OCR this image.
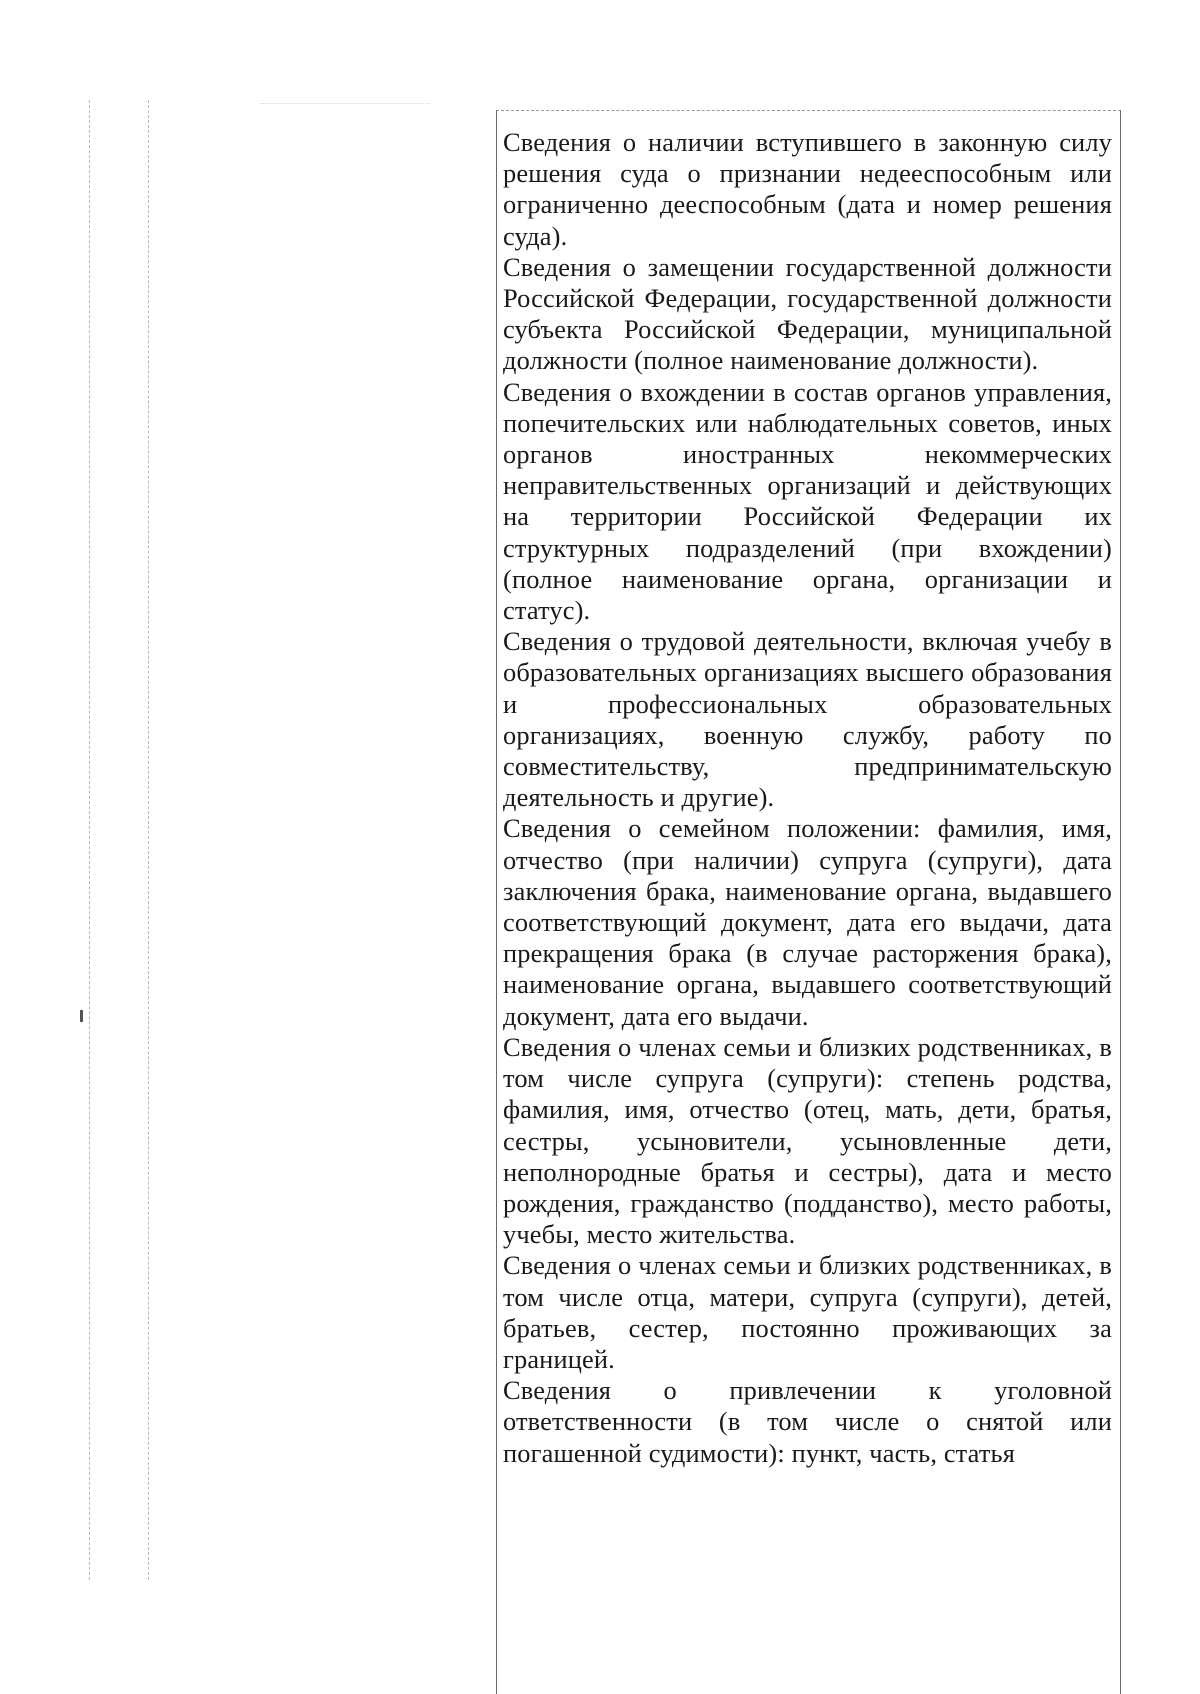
Сведения о наличии вступившего в законную силу решения суда о признании недееспособным или ограниченно дееспособным (дата и номер решения суда).

Сведения о замещении государственной должности Российской Федерации, государственной должности субъекта Российской Федерации, муниципальной должности (полное наименование должности).

Сведения о вхождении в состав органов управления, попечительских или наблюдательных советов, иных органов иностранных некоммерческих неправительственных организаций и действующих на территории Российской Федерации их структурных подразделений (при вхождении) (полное наименование органа, организации и статус).

Сведения о трудовой деятельности, включая учебу в образовательных организациях высшего образования и профессиональных образовательных организациях, военную службу, работу по совместительству, предпринимательскую деятельность и другие).

Сведения о семейном положении: фамилия, имя, отчество (при наличии) супруга (супруги), дата заключения брака, наименование органа, выдавшего соответствующий документ, дата его выдачи, дата прекращения брака (в случае расторжения брака), наименование органа, выдавшего соответствующий документ, дата его выдачи.

Сведения о членах семьи и близких родственниках, в том числе супруга (супруги): степень родства, фамилия, имя, отчество (отец, мать, дети, братья, сестры, усыновители, усыновленные дети, неполнородные братья и сестры), дата и место рождения, гражданство (подданство), место работы, учебы, место жительства.

Сведения о членах семьи и близких родственниках, в том числе отца, матери, супруга (супруги), детей, братьев, сестер, постоянно проживающих за границей.

Сведения о привлечении к уголовной ответственности (в том числе о снятой или погашенной судимости): пункт, часть, статья
